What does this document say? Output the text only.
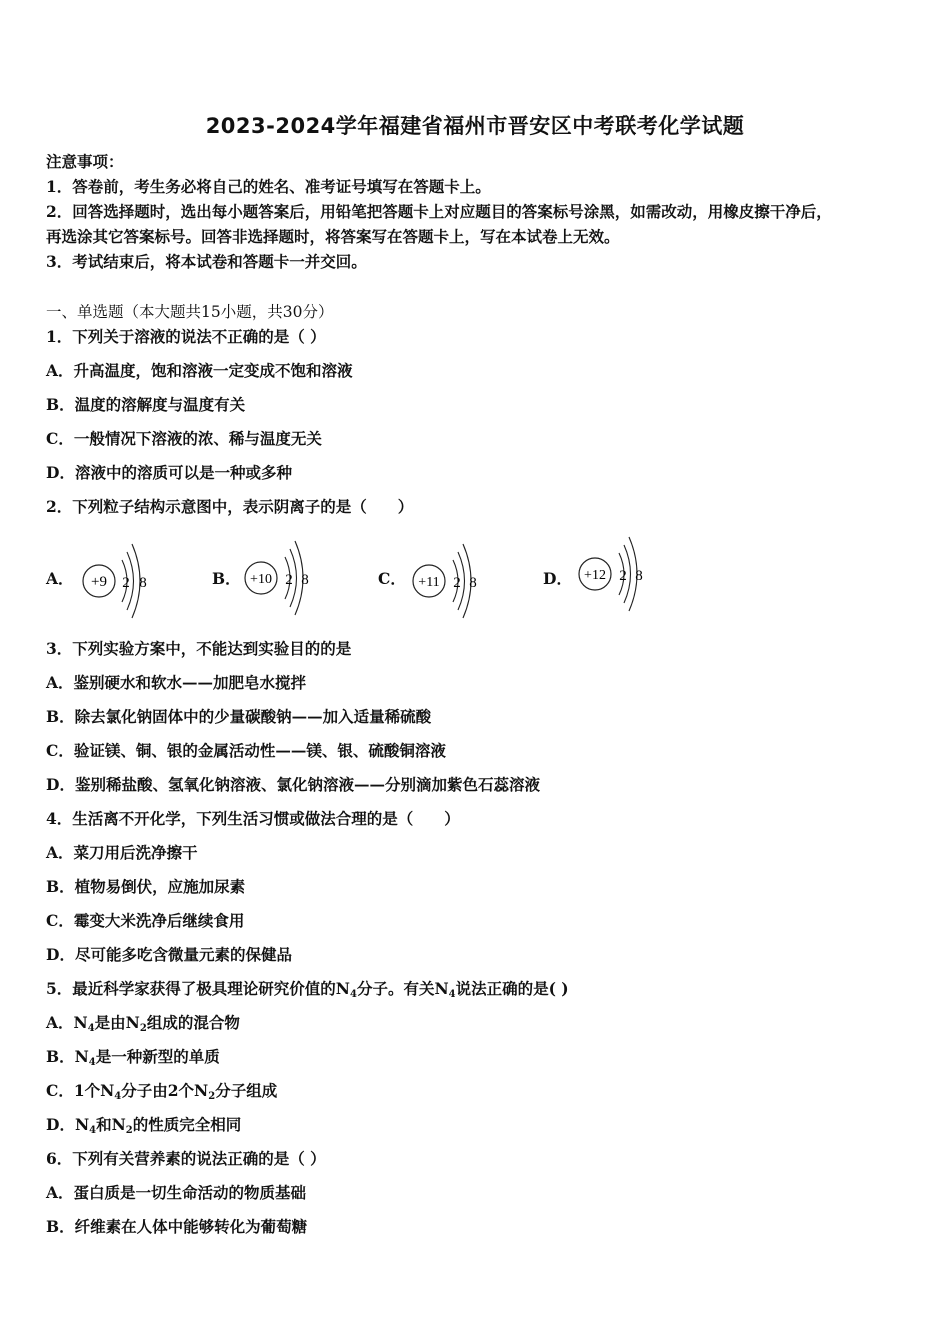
2023-2024学年福建省福州市晋安区中考联考化学试题
注意事项：
1．答卷前，考生务必将自己的姓名、准考证号填写在答题卡上。
2．回答选择题时，选出每小题答案后，用铅笔把答题卡上对应题目的答案标号涂黑，如需改动，用橡皮擦干净后，
再选涂其它答案标号。回答非选择题时，将答案写在答题卡上，写在本试卷上无效。
3．考试结束后，将本试卷和答题卡一并交回。
一、单选题（本大题共15小题，共30分）
1．下列关于溶液的说法不正确的是（ ）
A．升高温度，饱和溶液一定变成不饱和溶液
B．温度的溶解度与温度有关
C．一般情况下溶液的浓、稀与温度无关
D．溶液中的溶质可以是一种或多种
2．下列粒子结构示意图中，表示阴离子的是（　　）
A． +9 2 8	B． +10 2 8	C． +11 2 8	D． +12 2 8
3．下列实验方案中，不能达到实验目的的是
A．鉴别硬水和软水——加肥皂水搅拌
B．除去氯化钠固体中的少量碳酸钠——加入适量稀硫酸
C．验证镁、铜、银的金属活动性——镁、银、硫酸铜溶液
D．鉴别稀盐酸、氢氧化钠溶液、氯化钠溶液——分别滴加紫色石蕊溶液
4．生活离不开化学，下列生活习惯或做法合理的是（　　）
A．菜刀用后洗净擦干
B．植物易倒伏，应施加尿素
C．霉变大米洗净后继续食用
D．尽可能多吃含微量元素的保健品
5．最近科学家获得了极具理论研究价值的$N_4$分子。有关$N_4$说法正确的是( )
A．$N_4$是由$N_2$组成的混合物
B．$N_4$是一种新型的单质
C．1个$N_4$分子由2个$N_2$分子组成
D．$N_4$和$N_2$的性质完全相同
6．下列有关营养素的说法正确的是（ ）
A．蛋白质是一切生命活动的物质基础
B．纤维素在人体中能够转化为葡萄糖
